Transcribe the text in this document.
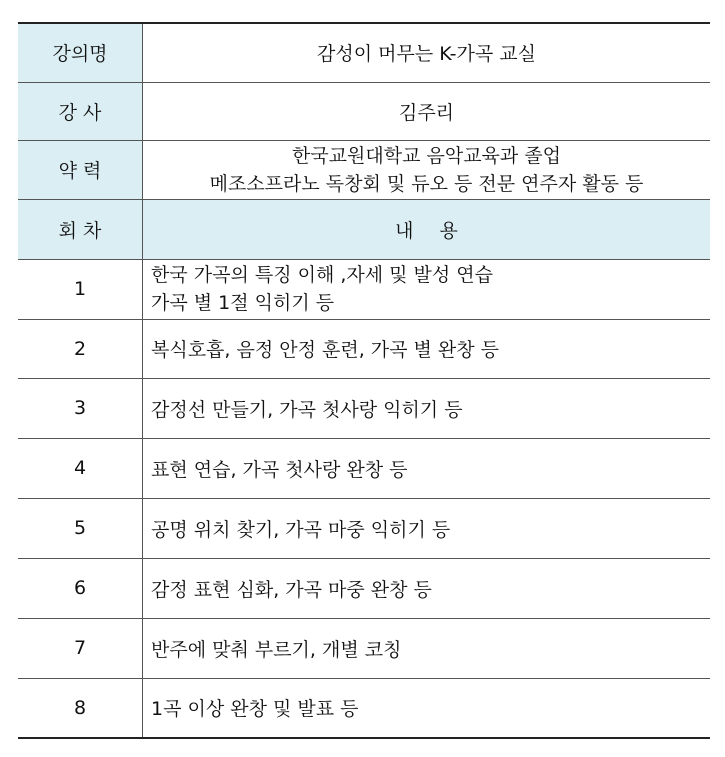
강의명	감성이 머무는 K-가곡 교실
강 사	김주리
약 력	한국교원대학교 음악교육과 졸업
메조소프라노 독창회 및 듀오 등 전문 연주자 활동 등

회 차	내 용
1	한국 가곡의 특징 이해 ,자세 및 발성 연습
가곡 별 1절 익히기 등

2	복식호흡, 음정 안정 훈련, 가곡 별 완창 등
3	감정선 만들기, 가곡 첫사랑 익히기 등
4	표현 연습, 가곡 첫사랑 완창 등
5	공명 위치 찾기, 가곡 마중 익히기 등
6	감정 표현 심화, 가곡 마중 완창 등
7	반주에 맞춰 부르기, 개별 코칭
8	1곡 이상 완창 및 발표 등
